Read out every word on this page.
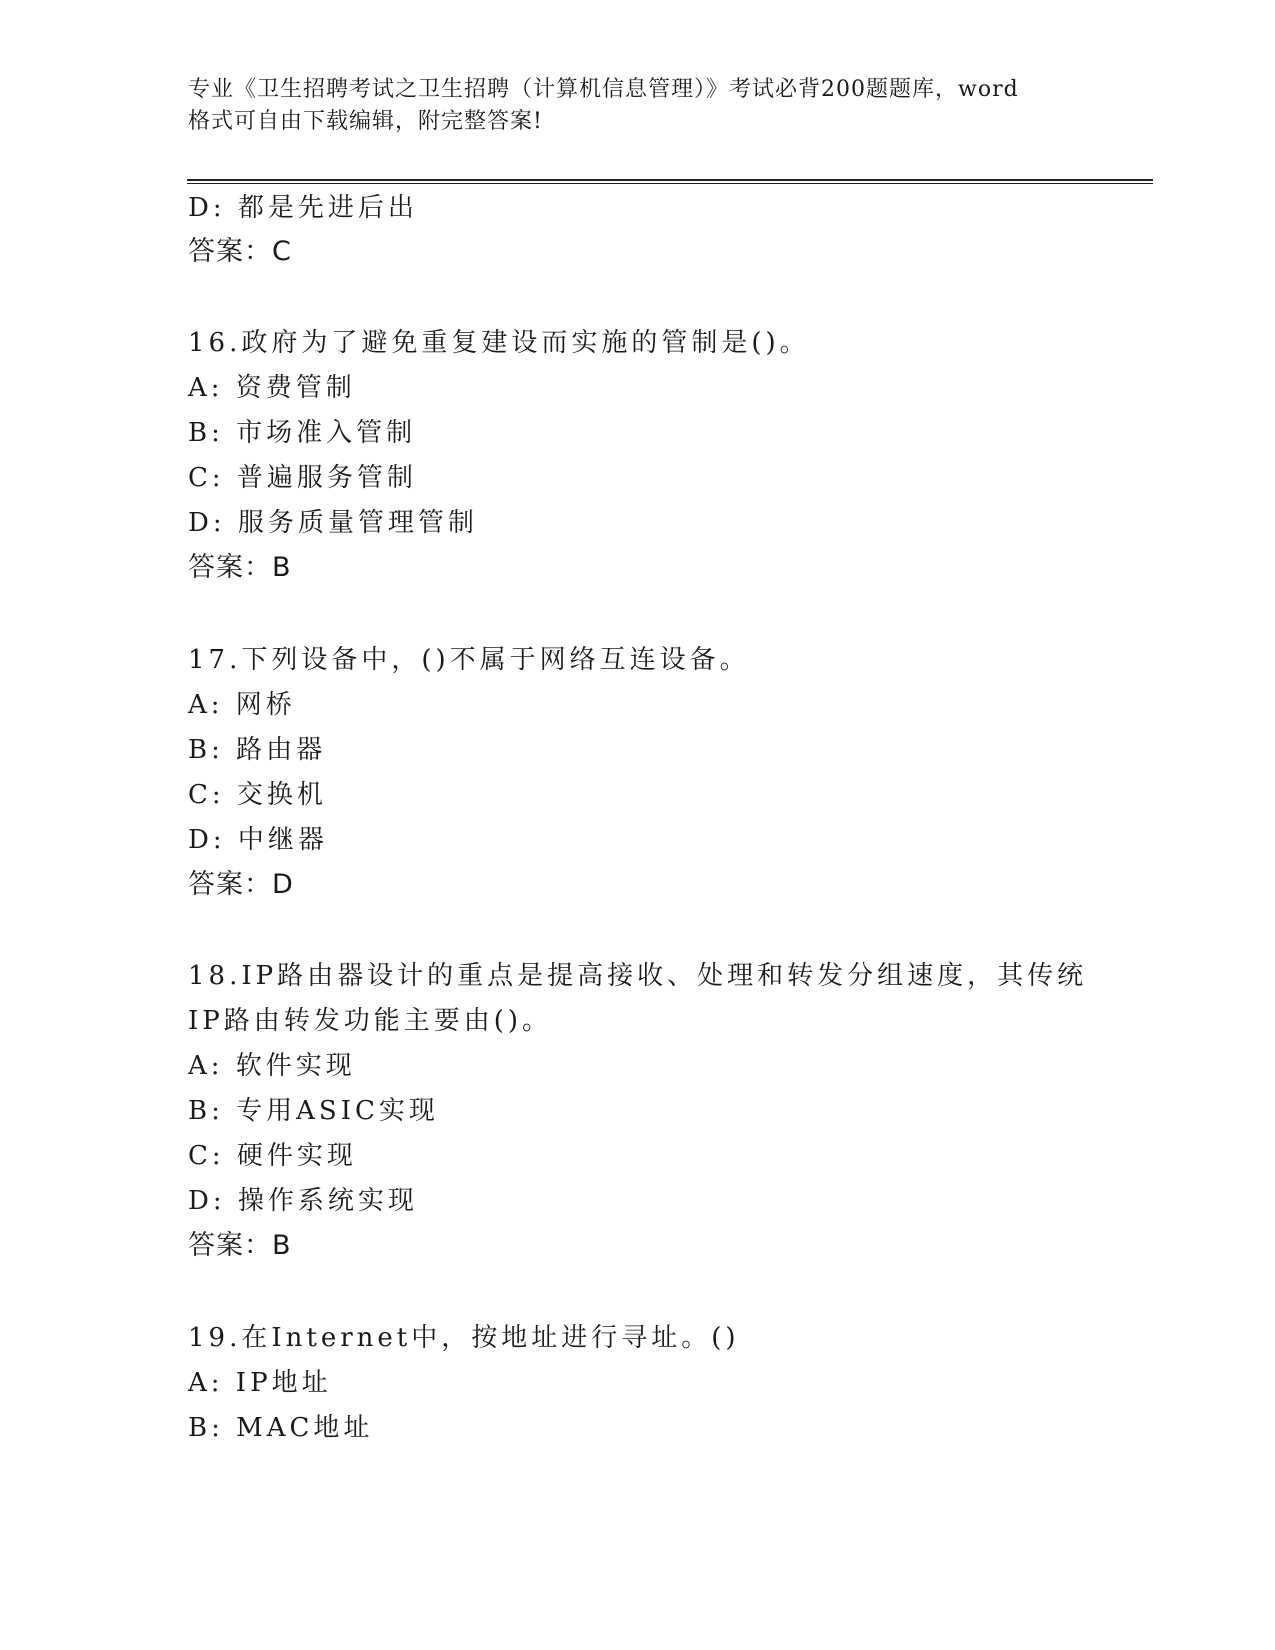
专业《卫生招聘考试之卫生招聘（计算机信息管理）》考试必背200题题库，word
格式可自由下载编辑，附完整答案!
D: 都是先进后出
答案：C
16.政府为了避免重复建设而实施的管制是()。
A: 资费管制
B: 市场准入管制
C: 普遍服务管制
D: 服务质量管理管制
答案：B
17.下列设备中，()不属于网络互连设备。
A: 网桥
B: 路由器
C: 交换机
D: 中继器
答案：D
18.IP路由器设计的重点是提高接收、处理和转发分组速度，其传统
IP路由转发功能主要由()。
A: 软件实现
B: 专用ASIC实现
C: 硬件实现
D: 操作系统实现
答案：B
19.在Internet中，按地址进行寻址。()
A: IP地址
B: MAC地址
